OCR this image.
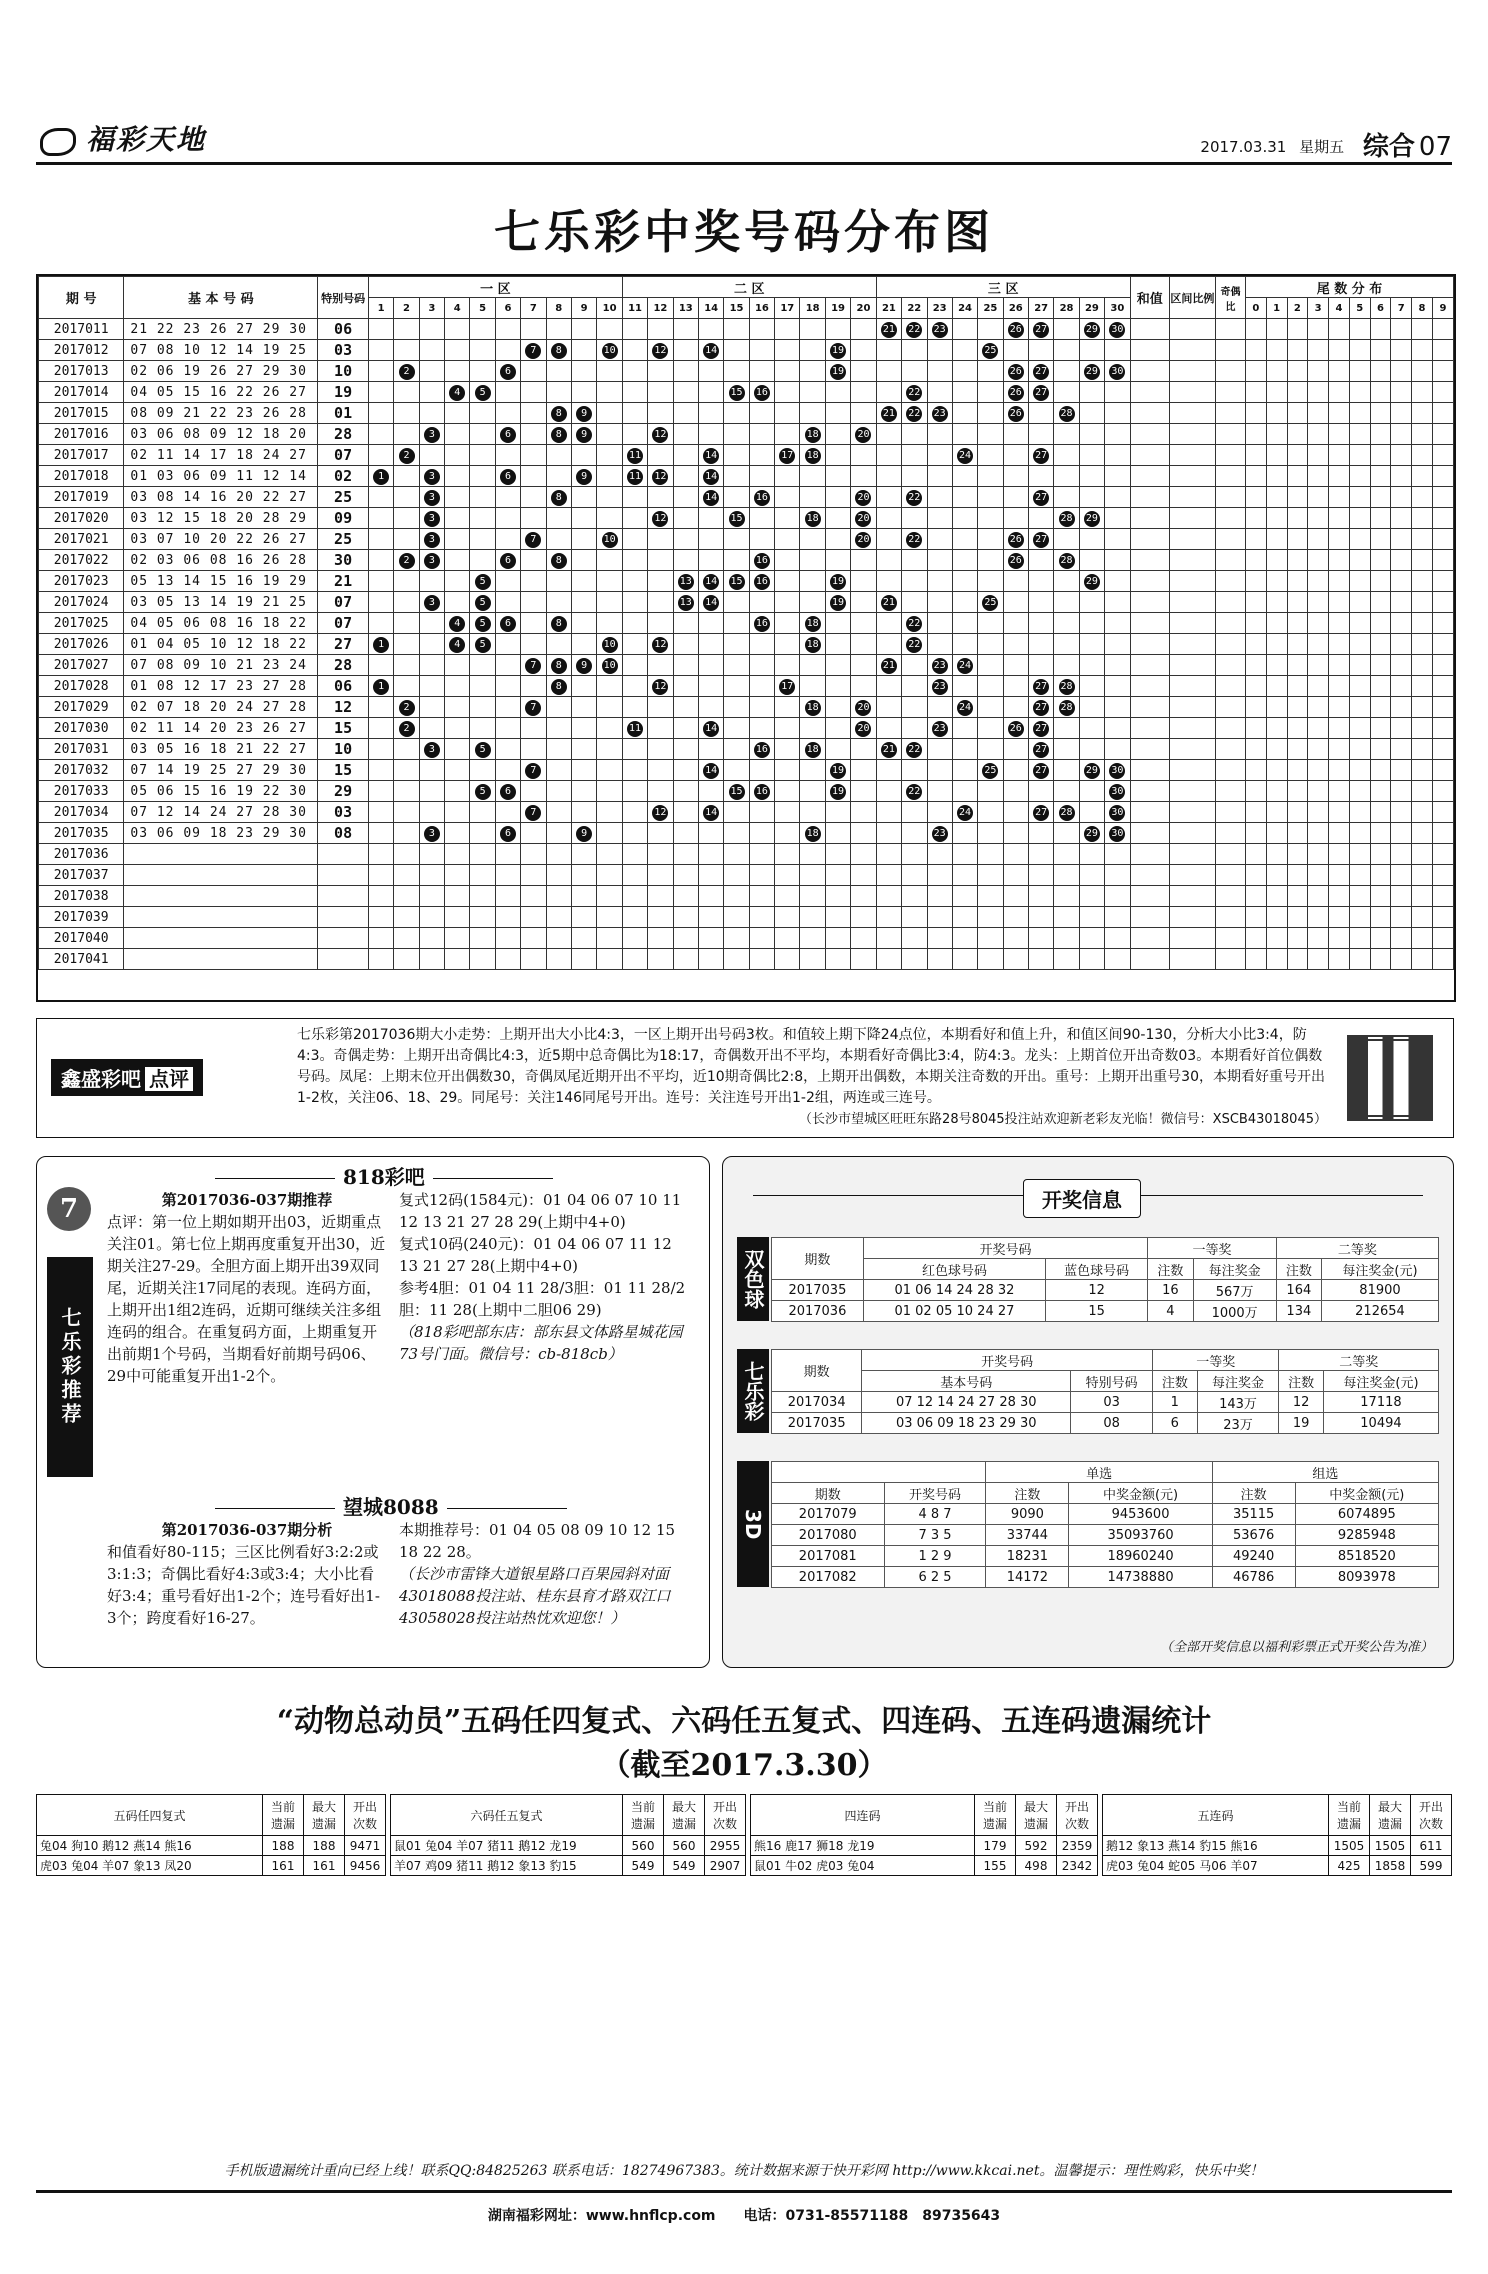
福彩天地	2017.03.31 星期五 综合 07
七乐彩中奖号码分布图
期 号	基 本 号 码	特别号码	一 区										二 区										三 区										和值	区间比例	奇偶比	尾 数 分 布									
			1	2	3	4	5	6	7	8	9	10	11	12	13	14	15	16	17	18	19	20	21	22	23	24	25	26	27	28	29	30				0	1	2	3	4	5	6	7	8	9
2017011	21 22 23 26 27 29 30	06																					21	22	23			26	27		29	30													
2017012	07 08 10 12 14 19 25	03							7	8		10		12		14					19						25																		
2017013	02 06 19 26 27 29 30	10		2				6													19							26	27		29	30													
2017014	04 05 15 16 22 26 27	19				4	5										15	16						22				26	27																
2017015	08 09 21 22 23 26 28	01								8	9												21	22	23			26		28															
2017016	03 06 08 09 12 18 20	28			3			6		8	9			12						18		20																							
2017017	02 11 14 17 18 24 27	07		2									11			14			17	18						24			27																
2017018	01 03 06 09 11 12 14	02	1		3			6			9		11	12		14																													
2017019	03 08 14 16 20 22 27	25			3					8						14		16				20		22					27																
2017020	03 12 15 18 20 28 29	09			3									12			15			18		20								28	29														
2017021	03 07 10 20 22 26 27	25			3				7			10										20		22				26	27																
2017022	02 03 06 08 16 26 28	30		2	3			6		8								16										26		28															
2017023	05 13 14 15 16 19 29	21					5								13	14	15	16			19										29														
2017024	03 05 13 14 19 21 25	07			3		5								13	14					19		21				25																		
2017025	04 05 06 08 16 18 22	07				4	5	6		8								16		18				22																					
2017026	01 04 05 10 12 18 22	27	1			4	5					10		12						18				22																					
2017027	07 08 09 10 21 23 24	28							7	8	9	10											21		23	24																			
2017028	01 08 12 17 23 27 28	06	1							8				12					17						23				27	28															
2017029	02 07 18 20 24 27 28	12		2					7											18		20				24			27	28															
2017030	02 11 14 20 23 26 27	15		2									11			14						20			23			26	27																
2017031	03 05 16 18 21 22 27	10			3		5											16		18			21	22					27																
2017032	07 14 19 25 27 29 30	15							7							14					19						25		27		29	30													
2017033	05 06 15 16 19 22 30	29					5	6									15	16			19			22								30													
2017034	07 12 14 24 27 28 30	03							7					12		14										24			27	28		30													
2017035	03 06 09 18 23 29 30	08			3			6			9									18					23						29	30													
2017036																																													
2017037																																													
2017038																																													
2017039																																													
2017040																																													
2017041																																													
鑫盛彩吧 点评
七乐彩第2017036期大小走势：上期开出大小比4:3，一区上期开出号码3枚。和值较上期下降24点位，本期看好和值上升，和值区间90-130，分析大小比3:4，防4:3。奇偶走势：上期开出奇偶比4:3，近5期中总奇偶比为18:17，奇偶数开出不平均，本期看好奇偶比3:4，防4:3。龙头：上期首位开出奇数03。本期看好首位偶数号码。凤尾：上期末位开出偶数30，奇偶凤尾近期开出不平均，近10期奇偶比2:8，上期开出偶数，本期关注奇数的开出。重号：上期开出重号30，本期看好重号开出1-2枚，关注06、18、29。同尾号：关注146同尾号开出。连号：关注连号开出1-2组，两连或三连号。
（长沙市望城区旺旺东路28号8045投注站欢迎新老彩友光临！微信号：XSCB43018045）
7
七乐彩推荐
818彩吧

第2017036-037期推荐

点评：第一位上期如期开出03，近期重点关注01。第七位上期再度重复开出30，近期关注27-29。全胆方面上期开出39双同尾，近期关注17同尾的表现。连码方面，上期开出1组2连码，近期可继续关注多组连码的组合。在重复码方面，上期重复开出前期1个号码，当期看好前期号码06、29中可能重复开出1-2个。

复式12码(1584元)：01 04 06 07 10 11 12 13 21 27 28 29(上期中4+0)

复式10码(240元)：01 04 06 07 11 12 13 21 27 28(上期中4+0)

参考4胆：01 04 11 28/3胆：01 11 28/2胆：11 28(上期中二胆06 29)

（818彩吧部东店：部东县文体路星城花园73号门面。微信号：cb-818cb）

望城8088

第2017036-037期分析

和值看好80-115；三区比例看好3:2:2或3:1:3；奇偶比看好4:3或3:4；大小比看好3:4；重号看好出1-2个；连号看好出1-3个；跨度看好16-27。

本期推荐号：01 04 05 08 09 10 12 15 18 22 28。

（长沙市雷锋大道银星路口百果园斜对面43018088投注站、桂东县育才路双江口43058028投注站热忱欢迎您！）

开奖信息
双色球	期数	开奖号码		一等奖		二等奖	
	红色球号码	蓝色球号码	注数	每注奖金	注数	每注奖金(元)
2017035	01 06 14 24 28 32	12	16	567万	164	81900
2017036	01 02 05 10 24 27	15	4	1000万	134	212654
七乐彩	期数	开奖号码		一等奖		二等奖	
	基本号码	特别号码	注数	每注奖金	注数	每注奖金(元)
2017034	07 12 14 24 27 28 30	03	1	143万	12	17118
2017035	03 06 09 18 23 29 30	08	6	23万	19	10494
3D
		单选		组选	
期数	开奖号码	注数	中奖金额(元)	注数	中奖金额(元)
2017079	4 8 7	9090	9453600	35115	6074895
2017080	7 3 5	33744	35093760	53676	9285948
2017081	1 2 9	18231	18960240	49240	8518520
2017082	6 2 5	14172	14738880	46786	8093978
（全部开奖信息以福利彩票正式开奖公告为准）
“动物总动员”五码任四复式、六码任五复式、四连码、五连码遗漏统计
（截至2017.3.30）
五码任四复式	当前遗漏	最大遗漏	开出次数
兔04 狗10 鹅12 燕14 熊16	188	188	9471
虎03 兔04 羊07 象13 凤20	161	161	9456
六码任五复式	当前遗漏	最大遗漏	开出次数
鼠01 兔04 羊07 猪11 鹅12 龙19	560	560	2955
羊07 鸡09 猪11 鹅12 象13 豹15	549	549	2907
四连码	当前遗漏	最大遗漏	开出次数
熊16 鹿17 狮18 龙19	179	592	2359
鼠01 牛02 虎03 兔04	155	498	2342
五连码	当前遗漏	最大遗漏	开出次数
鹅12 象13 燕14 豹15 熊16	1505	1505	611
虎03 兔04 蛇05 马06 羊07	425	1858	599
手机版遗漏统计重向已经上线！联系QQ:84825263 联系电话：18274967383。统计数据来源于快开彩网 http://www.kkcai.net。温馨提示：理性购彩，快乐中奖！
湖南福彩网址：www.hnflcp.com　　电话：0731-85571188　89735643
